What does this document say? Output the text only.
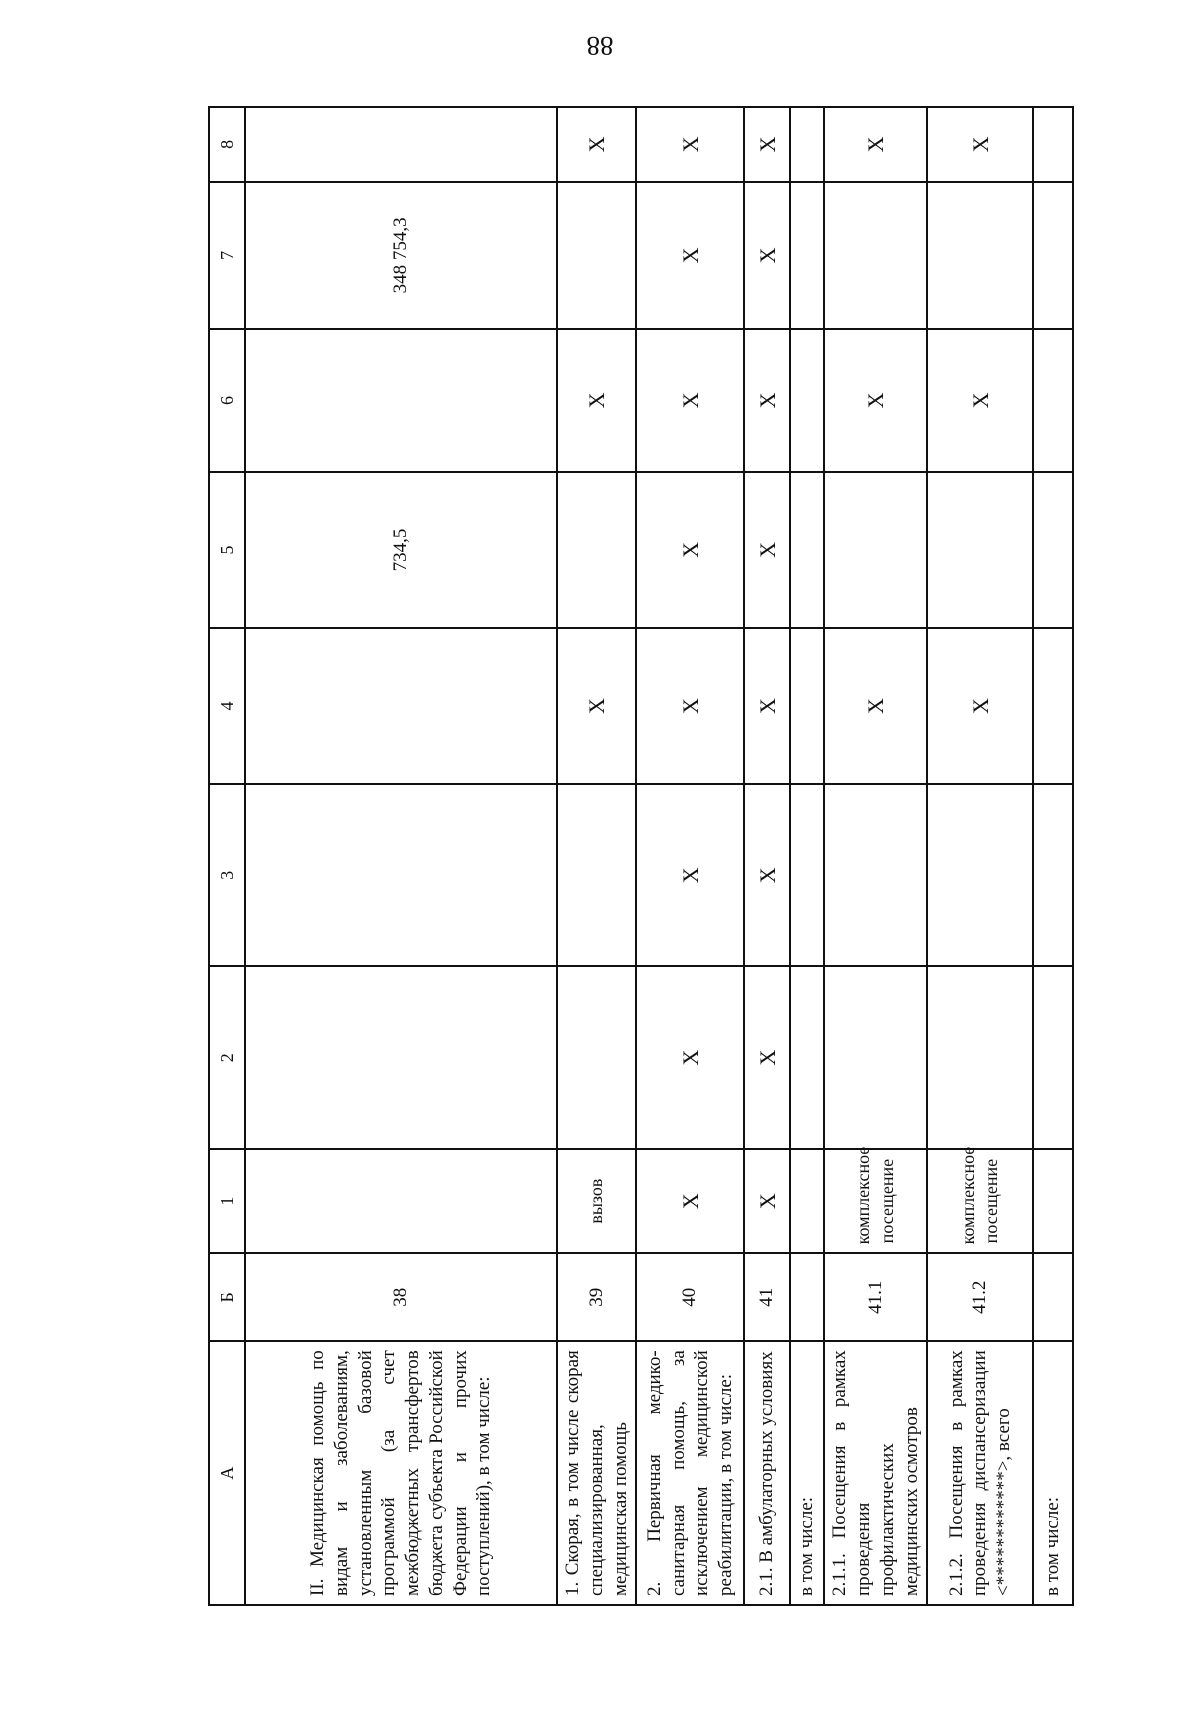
88
А	Б	1	2	3	4	5	6	7	8
II. Медицинская помощь по видам и заболеваниям, установленным базовой программой (за счет межбюджетных трансфертов бюджета субъекта Российской Федерации и прочих поступлений), в том числе:	38					734,5		348 754,3	
1. Скорая, в том числе скорая специализированная, медицинская помощь	39	вызов			X		X		X
2. Первичная медико-санитарная помощь, за исключением медицинской реабилитации, в том числе:	40	X	X	X	X	X	X	X	X
2.1. В амбулаторных условиях	41	X	X	X	X	X	X	X	X
в том числе:									
2.1.1. Посещения в рамках проведения профилактических медицинских осмотров	41.1	комплексное посещение			X		X		X
2.1.2. Посещения в рамках проведения диспансеризации <************>, всего	41.2	комплексное посещение			X		X		X
в том числе:									
